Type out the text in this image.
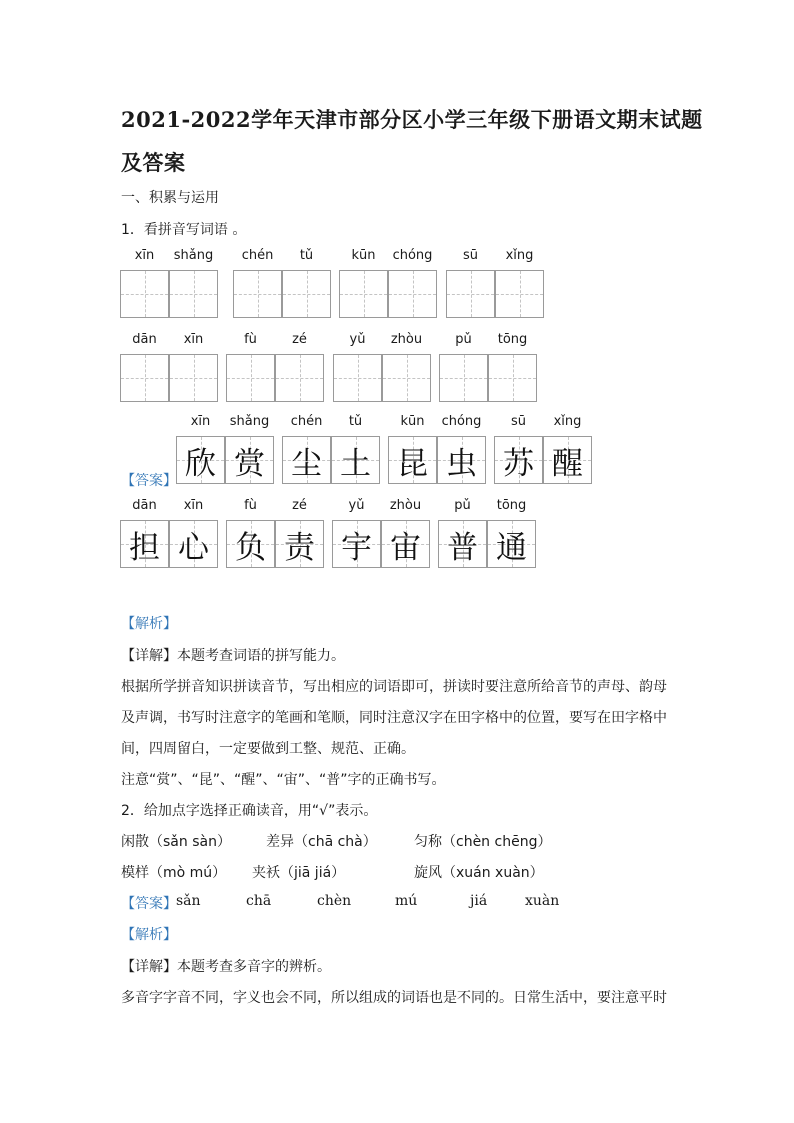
2021-2022学年天津市部分区小学三年级下册语文期末试题
及答案
一、积累与运用
1．看拼音写词语 。
xīn	shǎng	chén	tǔ	kūn	chóng	sū	xǐng
dān	xīn	fù	zé	yǔ	zhòu	pǔ	tōng
【答案】
xīn	shǎng
欣 赏
chén	tǔ
尘 土
kūn	chóng
昆 虫
sū	xǐng
苏 醒
dān	xīn
担 心
fù	zé
负 责
yǔ	zhòu
宇 宙
pǔ	tōng
普 通
【解析】
【详解】本题考查词语的拼写能力。
根据所学拼音知识拼读音节，写出相应的词语即可，拼读时要注意所给音节的声母、韵母
及声调，书写时注意字的笔画和笔顺，同时注意汉字在田字格中的位置，要写在田字格中
间，四周留白，一定要做到工整、规范、正确。
注意“赏”、“昆”、“醒”、“宙”、“普”字的正确书写。
2．给加点字选择正确读音，用“√”表示。
闲散（sǎn sàn）	差异（chā chà）	匀称（chèn chēng）
模样（mò mú） 夹袄（jiā jiá）	旋风（xuán xuàn）
【答案】 sǎn	chā	chèn	mú	jiá	xuàn
【解析】
【详解】本题考查多音字的辨析。
多音字字音不同，字义也会不同，所以组成的词语也是不同的。日常生活中，要注意平时
